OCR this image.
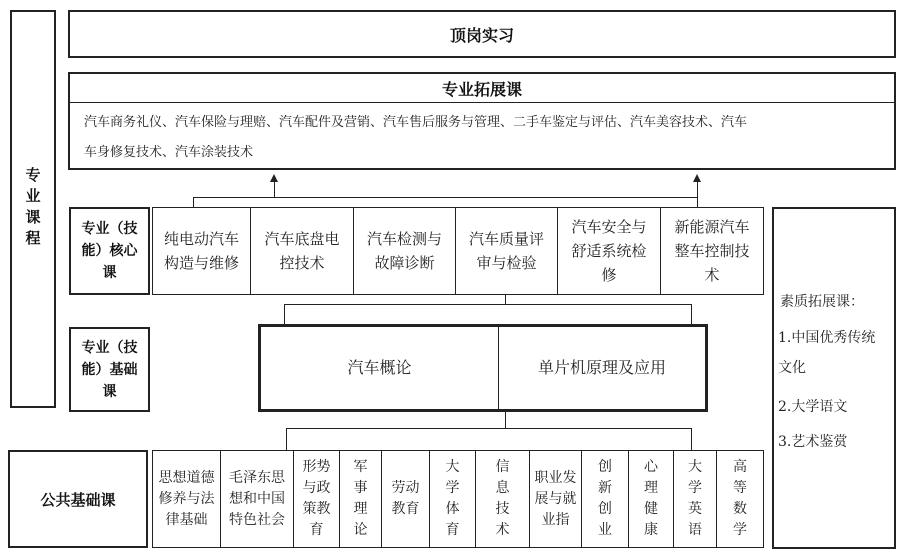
专业课程
顶岗实习
专业拓展课
汽车商务礼仪、汽车保险与理赔、汽车配件及营销、汽车售后服务与管理、二手车鉴定与评估、汽车美容技术、汽车
车身修复技术、汽车涂装技术
专业（技能）核心课
纯电动汽车构造与维修
汽车底盘电控技术
汽车检测与故障诊断
汽车质量评审与检验
汽车安全与舒适系统检修
新能源汽车整车控制技术
专业（技能）基础课
汽车概论	单片机原理及应用
素质拓展课：
1.中国优秀传统文化
2.大学语文
3.艺术鉴赏
公共基础课
思想道德修养与法律基础
毛泽东思想和中国特色社会
形势与政策教育
军事理论
劳动教育
大学体育
信息技术
职业发展与就业指
创新创业
心理健康
大学英语
高等数学
